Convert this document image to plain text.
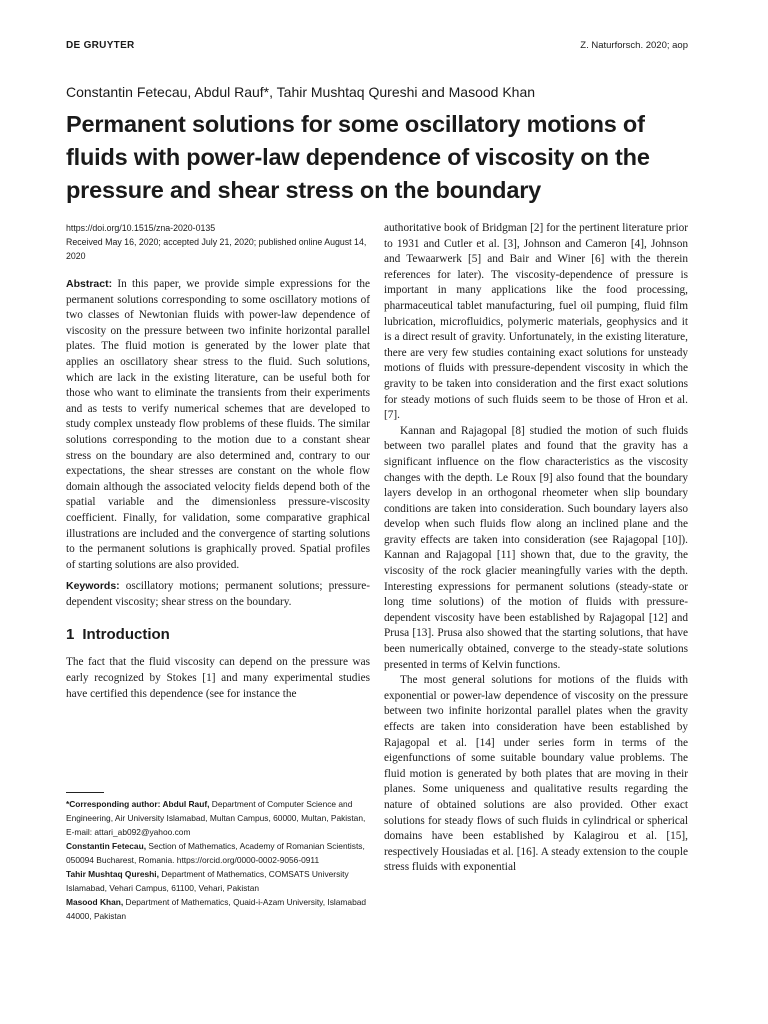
DE GRUYTER	Z. Naturforsch. 2020; aop
Constantin Fetecau, Abdul Rauf*, Tahir Mushtaq Qureshi and Masood Khan
Permanent solutions for some oscillatory motions of fluids with power-law dependence of viscosity on the pressure and shear stress on the boundary
https://doi.org/10.1515/zna-2020-0135
Received May 16, 2020; accepted July 21, 2020; published online August 14, 2020
Abstract: In this paper, we provide simple expressions for the permanent solutions corresponding to some oscillatory motions of two classes of Newtonian fluids with power-law dependence of viscosity on the pressure between two infinite horizontal parallel plates. The fluid motion is generated by the lower plate that applies an oscillatory shear stress to the fluid. Such solutions, which are lack in the existing literature, can be useful both for those who want to eliminate the transients from their experiments and as tests to verify numerical schemes that are developed to study complex unsteady flow problems of these fluids. The similar solutions corresponding to the motion due to a constant shear stress on the boundary are also determined and, contrary to our expectations, the shear stresses are constant on the whole flow domain although the associated velocity fields depend both of the spatial variable and the dimensionless pressure-viscosity coefficient. Finally, for validation, some comparative graphical illustrations are included and the convergence of starting solutions to the permanent solutions is graphically proved. Spatial profiles of starting solutions are also provided.
Keywords: oscillatory motions; permanent solutions; pressure-dependent viscosity; shear stress on the boundary.
1 Introduction

The fact that the fluid viscosity can depend on the pressure was early recognized by Stokes [1] and many experimental studies have certified this dependence (see for instance the

*Corresponding author: Abdul Rauf, Department of Computer Science and Engineering, Air University Islamabad, Multan Campus, 60000, Multan, Pakistan, E-mail: attari_ab092@yahoo.com
Constantin Fetecau, Section of Mathematics, Academy of Romanian Scientists, 050094 Bucharest, Romania. https://orcid.org/0000-0002-9056-0911
Tahir Mushtaq Qureshi, Department of Mathematics, COMSATS University Islamabad, Vehari Campus, 61100, Vehari, Pakistan
Masood Khan, Department of Mathematics, Quaid-i-Azam University, Islamabad 44000, Pakistan

authoritative book of Bridgman [2] for the pertinent literature prior to 1931 and Cutler et al. [3], Johnson and Cameron [4], Johnson and Tewaarwerk [5] and Bair and Winer [6] with the therein references for later). The viscosity-dependence of pressure is important in many applications like the food processing, pharmaceutical tablet manufacturing, fuel oil pumping, fluid film lubrication, microfluidics, polymeric materials, geophysics and it is a direct result of gravity. Unfortunately, in the existing literature, there are very few studies containing exact solutions for unsteady motions of fluids with pressure-dependent viscosity in which the gravity to be taken into consideration and the first exact solutions for steady motions of such fluids seem to be those of Hron et al. [7].

Kannan and Rajagopal [8] studied the motion of such fluids between two parallel plates and found that the gravity has a significant influence on the flow characteristics as the viscosity changes with the depth. Le Roux [9] also found that the boundary layers develop in an orthogonal rheometer when slip boundary conditions are taken into consideration. Such boundary layers also develop when such fluids flow along an inclined plane and the gravity effects are taken into consideration (see Rajagopal [10]). Kannan and Rajagopal [11] shown that, due to the gravity, the viscosity of the rock glacier meaningfully varies with the depth. Interesting expressions for permanent solutions (steady-state or long time solutions) of the motion of fluids with pressure-dependent viscosity have been established by Rajagopal [12] and Prusa [13]. Prusa also showed that the starting solutions, that have been numerically obtained, converge to the steady-state solutions presented in terms of Kelvin functions.

The most general solutions for motions of the fluids with exponential or power-law dependence of viscosity on the pressure between two infinite horizontal parallel plates when the gravity effects are taken into consideration have been established by Rajagopal et al. [14] under series form in terms of the eigenfunctions of some suitable boundary value problems. The fluid motion is generated by both plates that are moving in their planes. Some uniqueness and qualitative results regarding the nature of obtained solutions are also provided. Other exact solutions for steady flows of such fluids in cylindrical or spherical domains have been established by Kalagirou et al. [15], respectively Housiadas et al. [16]. A steady extension to the couple stress fluids with exponential
